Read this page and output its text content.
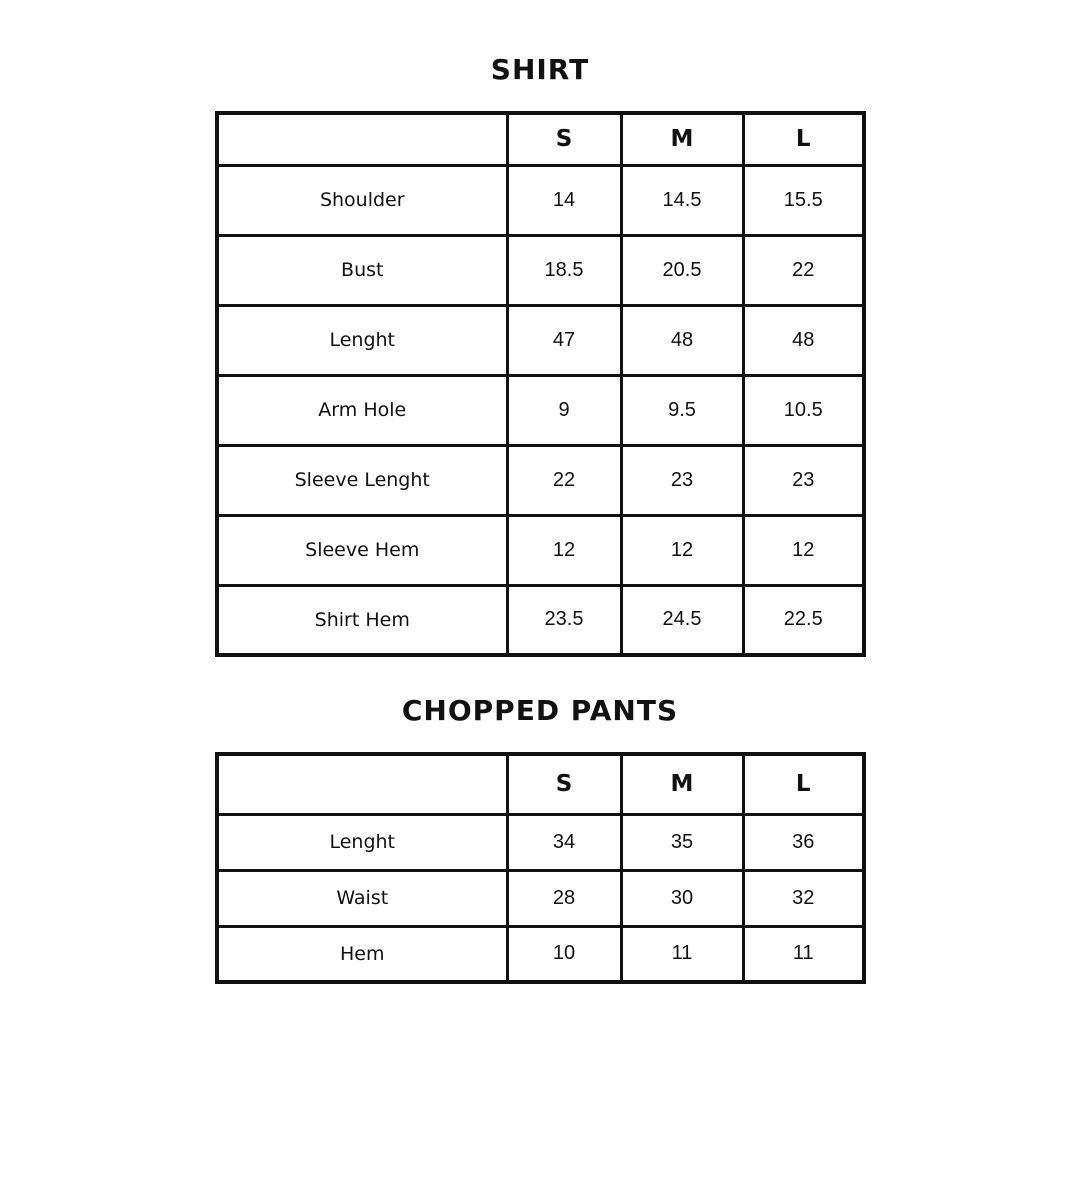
SHIRT
	S	M	L
Shoulder	14	14.5	15.5
Bust	18.5	20.5	22
Lenght	47	48	48
Arm Hole	9	9.5	10.5
Sleeve Lenght	22	23	23
Sleeve Hem	12	12	12
Shirt Hem	23.5	24.5	22.5
CHOPPED PANTS
	S	M	L
Lenght	34	35	36
Waist	28	30	32
Hem	10	11	11
